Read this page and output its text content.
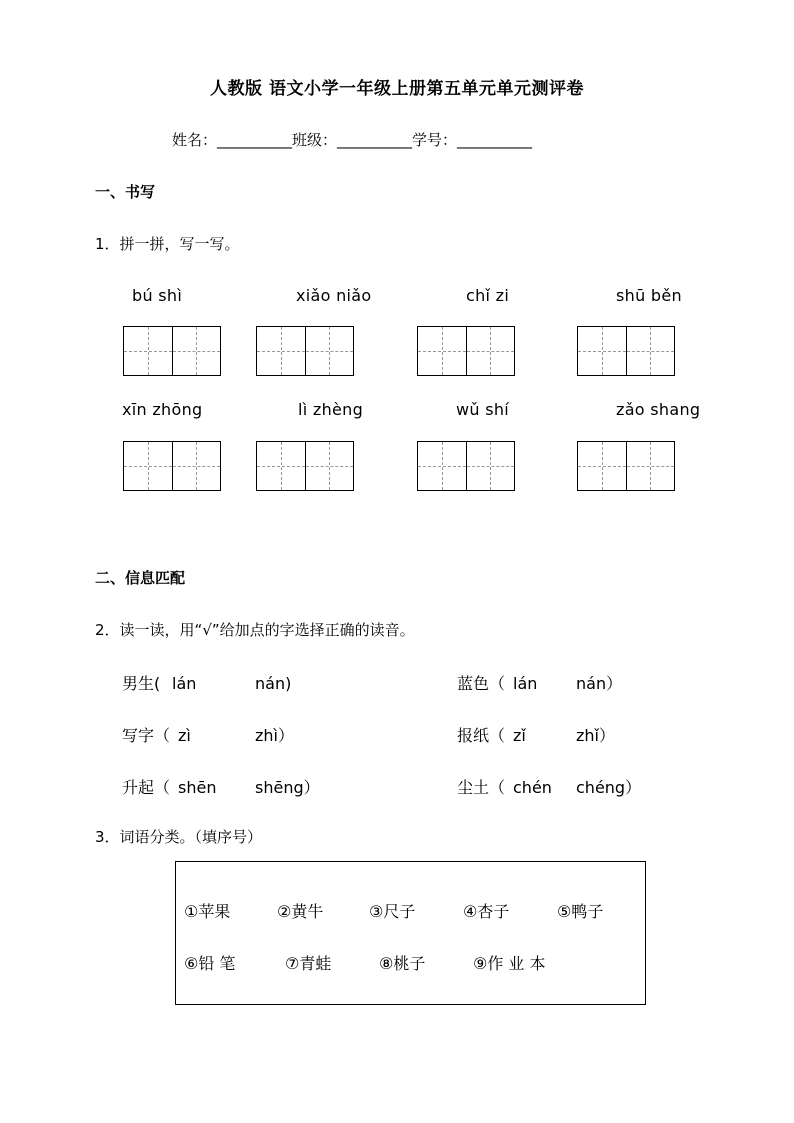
人教版 语文小学一年级上册第五单元单元测评卷
姓名：__________班级：__________学号：__________
一、书写
1．拼一拼，写一写。
bú shì	xiǎo niǎo	chǐ zi	shū běn
xīn zhōng	lì zhèng	wǔ shí	zǎo shang
二、信息匹配
2．读一读，用“√”给加点的字选择正确的读音。
男生( lán	nán)	蓝色（ lán nán）
写字（ zì	zhì）	报纸（ zǐ	zhǐ）
升起（ shēn shēng）	尘土（ chén chéng）
3．词语分类。（填序号）
①苹果	②黄牛	③尺子	④杏子	⑤鸭子
⑥铅 笔	⑦青蛙	⑧桃子	⑨作 业 本
